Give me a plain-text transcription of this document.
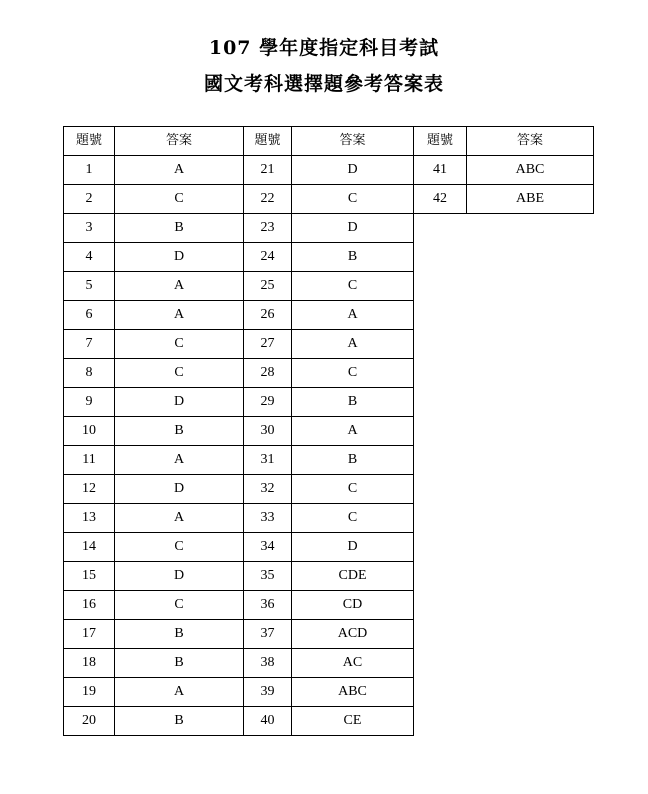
107 學年度指定科目考試
國文考科選擇題參考答案表
題號	答案	題號	答案	題號	答案
1	A	21	D	41	ABC
2	C	22	C	42	ABE
3	B	23	D		
4	D	24	B		
5	A	25	C		
6	A	26	A		
7	C	27	A		
8	C	28	C		
9	D	29	B		
10	B	30	A		
11	A	31	B		
12	D	32	C		
13	A	33	C		
14	C	34	D		
15	D	35	CDE		
16	C	36	CD		
17	B	37	ACD		
18	B	38	AC		
19	A	39	ABC		
20	B	40	CE		
